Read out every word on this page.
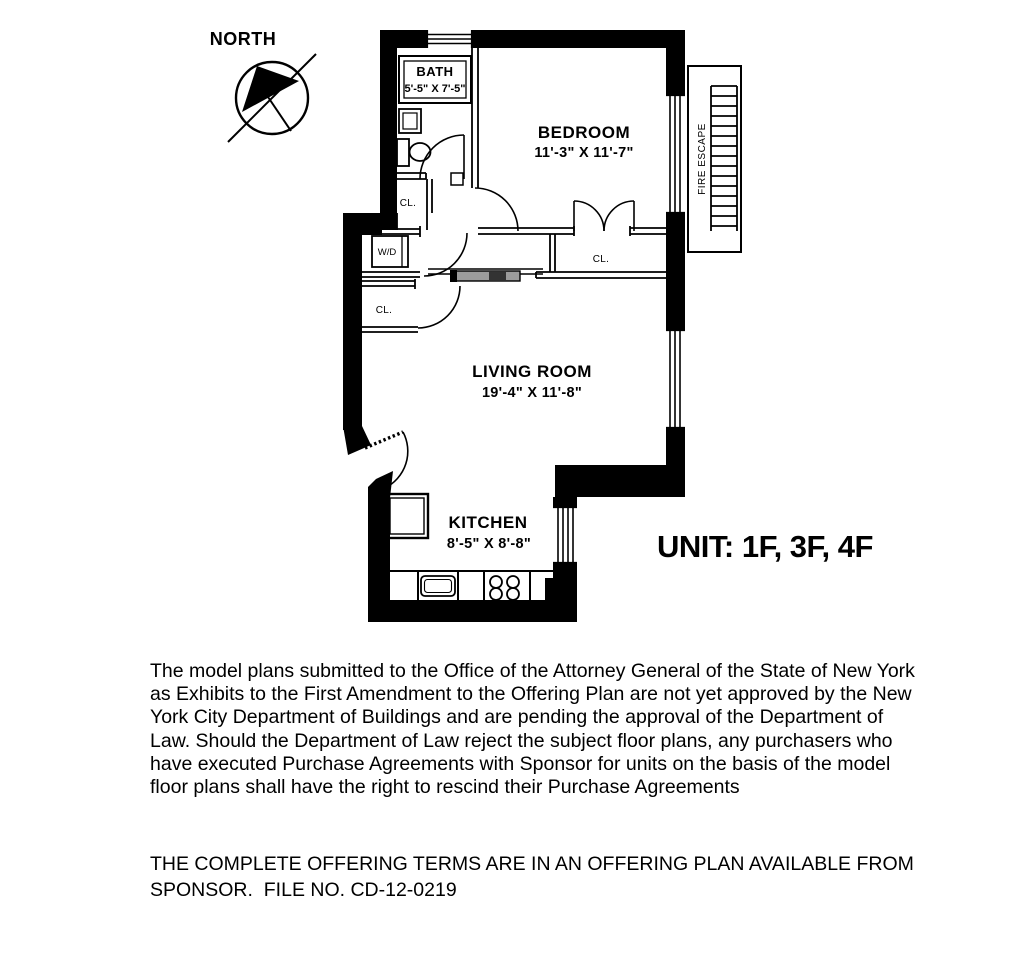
NORTH
FIRE ESCAPE
BATH
5'-5" X 7'-5"
CL.
W/D
CL.
CL.
BEDROOM
11'-3" X 11'-7"
LIVING ROOM
19'-4" X 11'-8"
KITCHEN
8'-5" X 8'-8"	UNIT: 1F, 3F, 4F
The model plans submitted to the Office of the Attorney General of the State of New York as Exhibits to the First Amendment to the Offering Plan are not yet approved by the New York City Department of Buildings and are pending the approval of the Department of Law. Should the Department of Law reject the subject floor plans, any purchasers who have executed Purchase Agreements with Sponsor for units on the basis of the model floor plans shall have the right to rescind their Purchase Agreements
THE COMPLETE OFFERING TERMS ARE IN AN OFFERING PLAN AVAILABLE FROM SPONSOR.  FILE NO. CD-12-0219
